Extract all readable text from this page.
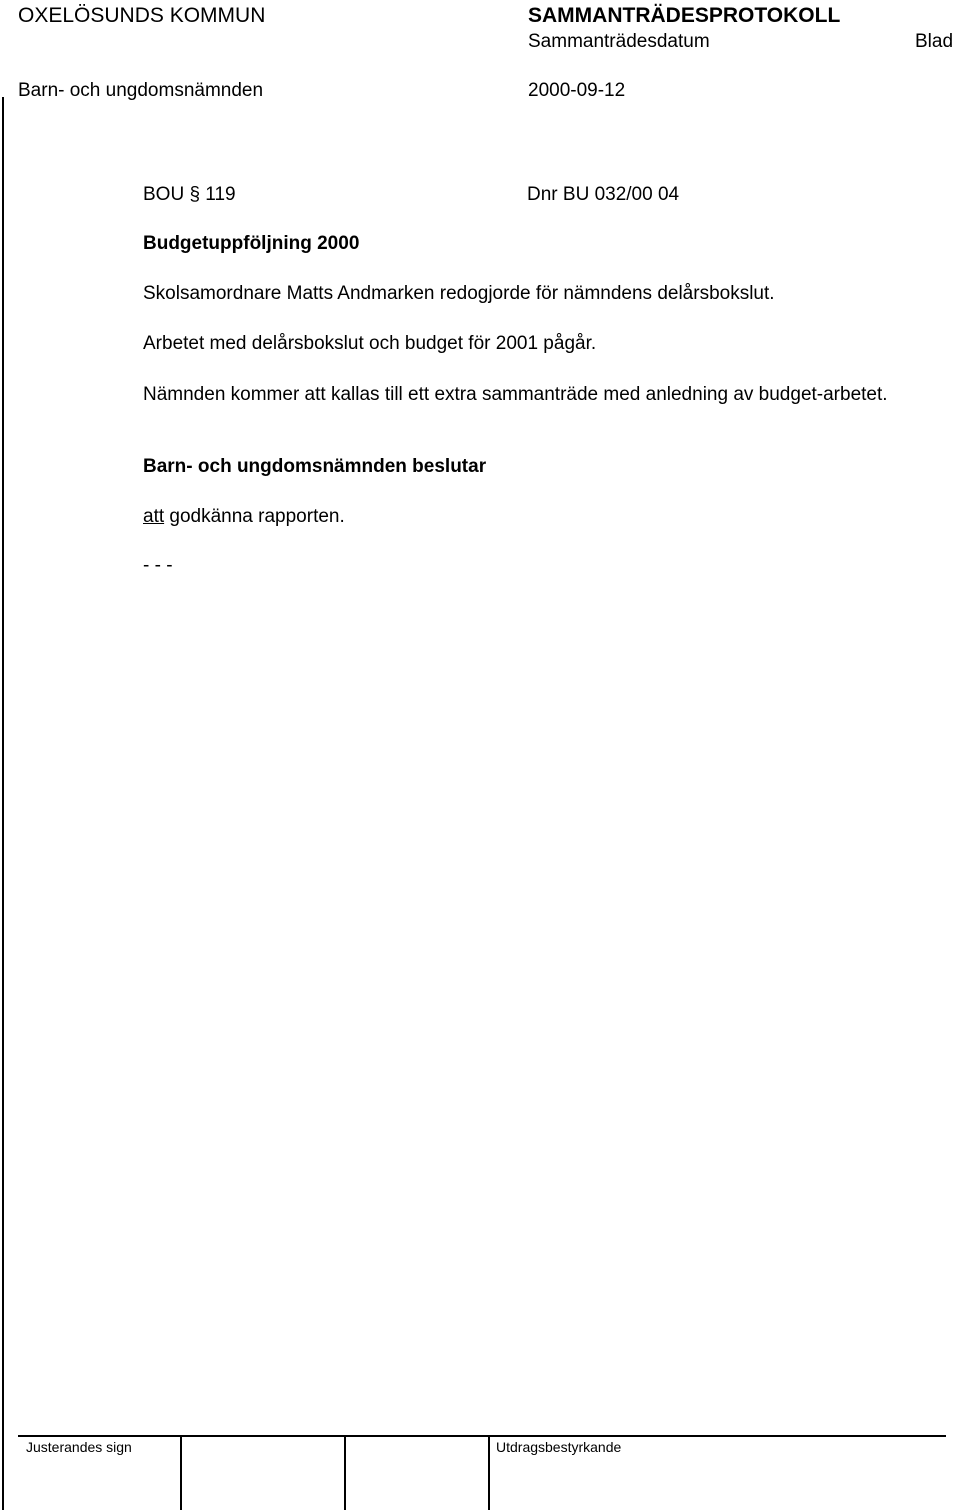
OXELÖSUNDS KOMMUN	SAMMANTRÄDESPROTOKOLL
Sammanträdesdatum	Blad
Barn- och ungdomsnämnden	2000-09-12
BOU § 119	Dnr BU 032/00 04
Budgetuppföljning 2000
Skolsamordnare Matts Andmarken redogjorde för nämndens delårsbokslut.
Arbetet med delårsbokslut och budget för 2001 pågår.
Nämnden kommer att kallas till ett extra sammanträde med anledning av budget-arbetet.
Barn- och ungdomsnämnden beslutar
att godkänna rapporten.
- - -
Justerandes sign	Utdragsbestyrkande
